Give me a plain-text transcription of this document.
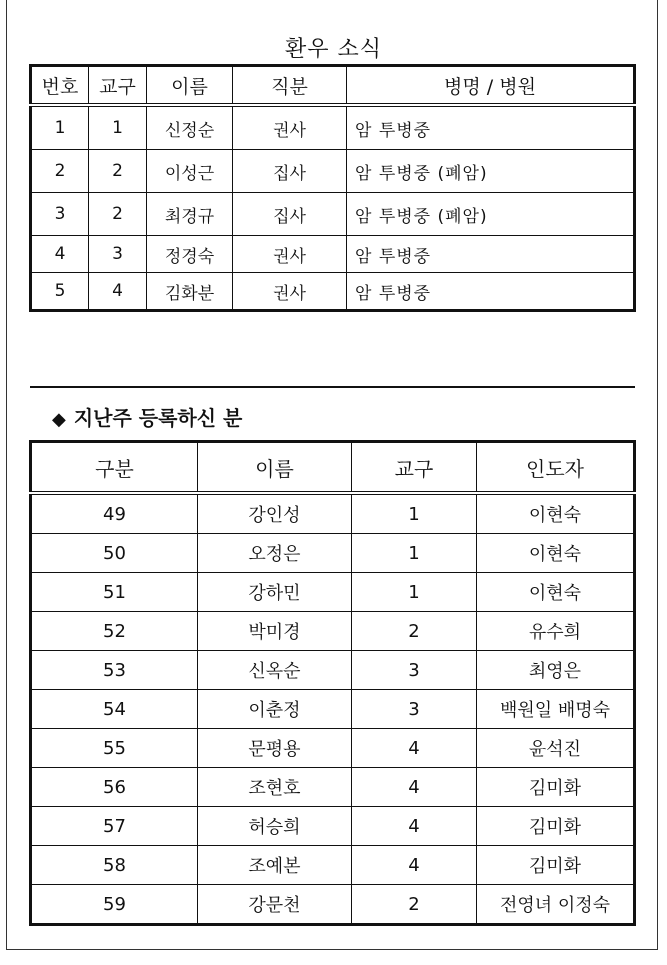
환우 소식
번호	교구	이름	직분	병명 / 병원
1	1	신정순	권사	암 투병중
2	2	이성근	집사	암 투병중 (폐암)
3	2	최경규	집사	암 투병중 (폐암)
4	3	정경숙	권사	암 투병중
5	4	김화분	권사	암 투병중
◆ 지난주 등록하신 분
구분	이름	교구	인도자
49	강인성	1	이현숙
50	오정은	1	이현숙
51	강하민	1	이현숙
52	박미경	2	유수희
53	신옥순	3	최영은
54	이춘정	3	백원일 배명숙
55	문평용	4	윤석진
56	조현호	4	김미화
57	허승희	4	김미화
58	조예본	4	김미화
59	강문천	2	전영녀 이정숙
